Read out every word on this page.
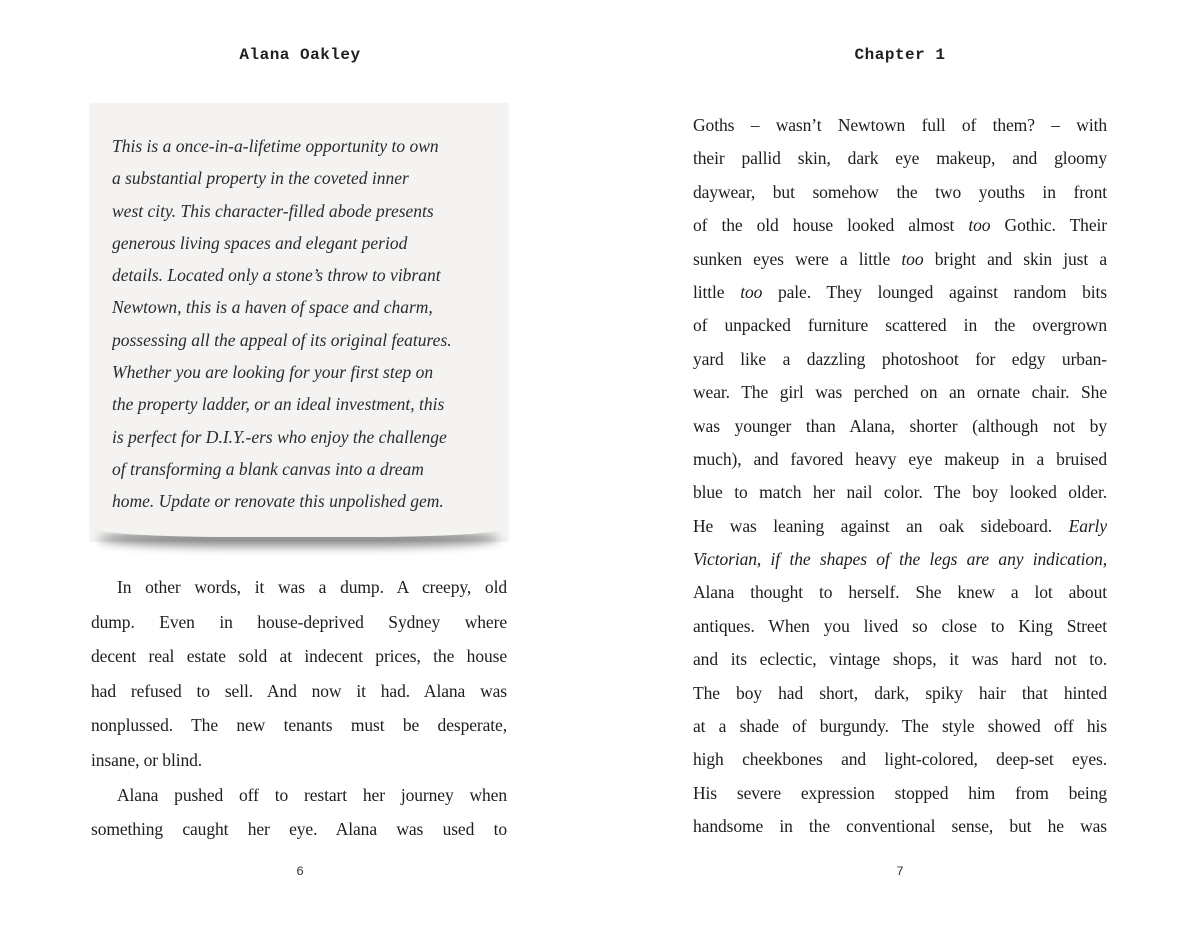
Alana Oakley
This is a once-in-a-lifetime opportunity to own
a substantial property in the coveted inner
west city. This character-filled abode presents
generous living spaces and elegant period
details. Located only a stone’s throw to vibrant
Newtown, this is a haven of space and charm,
possessing all the appeal of its original features.
Whether you are looking for your first step on
the property ladder, or an ideal investment, this
is perfect for D.I.Y.-ers who enjoy the challenge
of transforming a blank canvas into a dream
home. Update or renovate this unpolished gem.
In other words, it was a dump. A creepy, old
dump. Even in house-deprived Sydney where
decent real estate sold at indecent prices, the house
had refused to sell. And now it had. Alana was
nonplussed. The new tenants must be desperate,
insane, or blind.
Alana pushed off to restart her journey when
something caught her eye. Alana was used to
6
Chapter 1
Goths – wasn’t Newtown full of them? – with
their pallid skin, dark eye makeup, and gloomy
daywear, but somehow the two youths in front
of the old house looked almost too Gothic. Their
sunken eyes were a little too bright and skin just a
little too pale. They lounged against random bits
of unpacked furniture scattered in the overgrown
yard like a dazzling photoshoot for edgy urban-
wear. The girl was perched on an ornate chair. She
was younger than Alana, shorter (although not by
much), and favored heavy eye makeup in a bruised
blue to match her nail color. The boy looked older.
He was leaning against an oak sideboard. Early
Victorian, if the shapes of the legs are any indication,
Alana thought to herself. She knew a lot about
antiques. When you lived so close to King Street
and its eclectic, vintage shops, it was hard not to.
The boy had short, dark, spiky hair that hinted
at a shade of burgundy. The style showed off his
high cheekbones and light-colored, deep-set eyes.
His severe expression stopped him from being
handsome in the conventional sense, but he was
7
